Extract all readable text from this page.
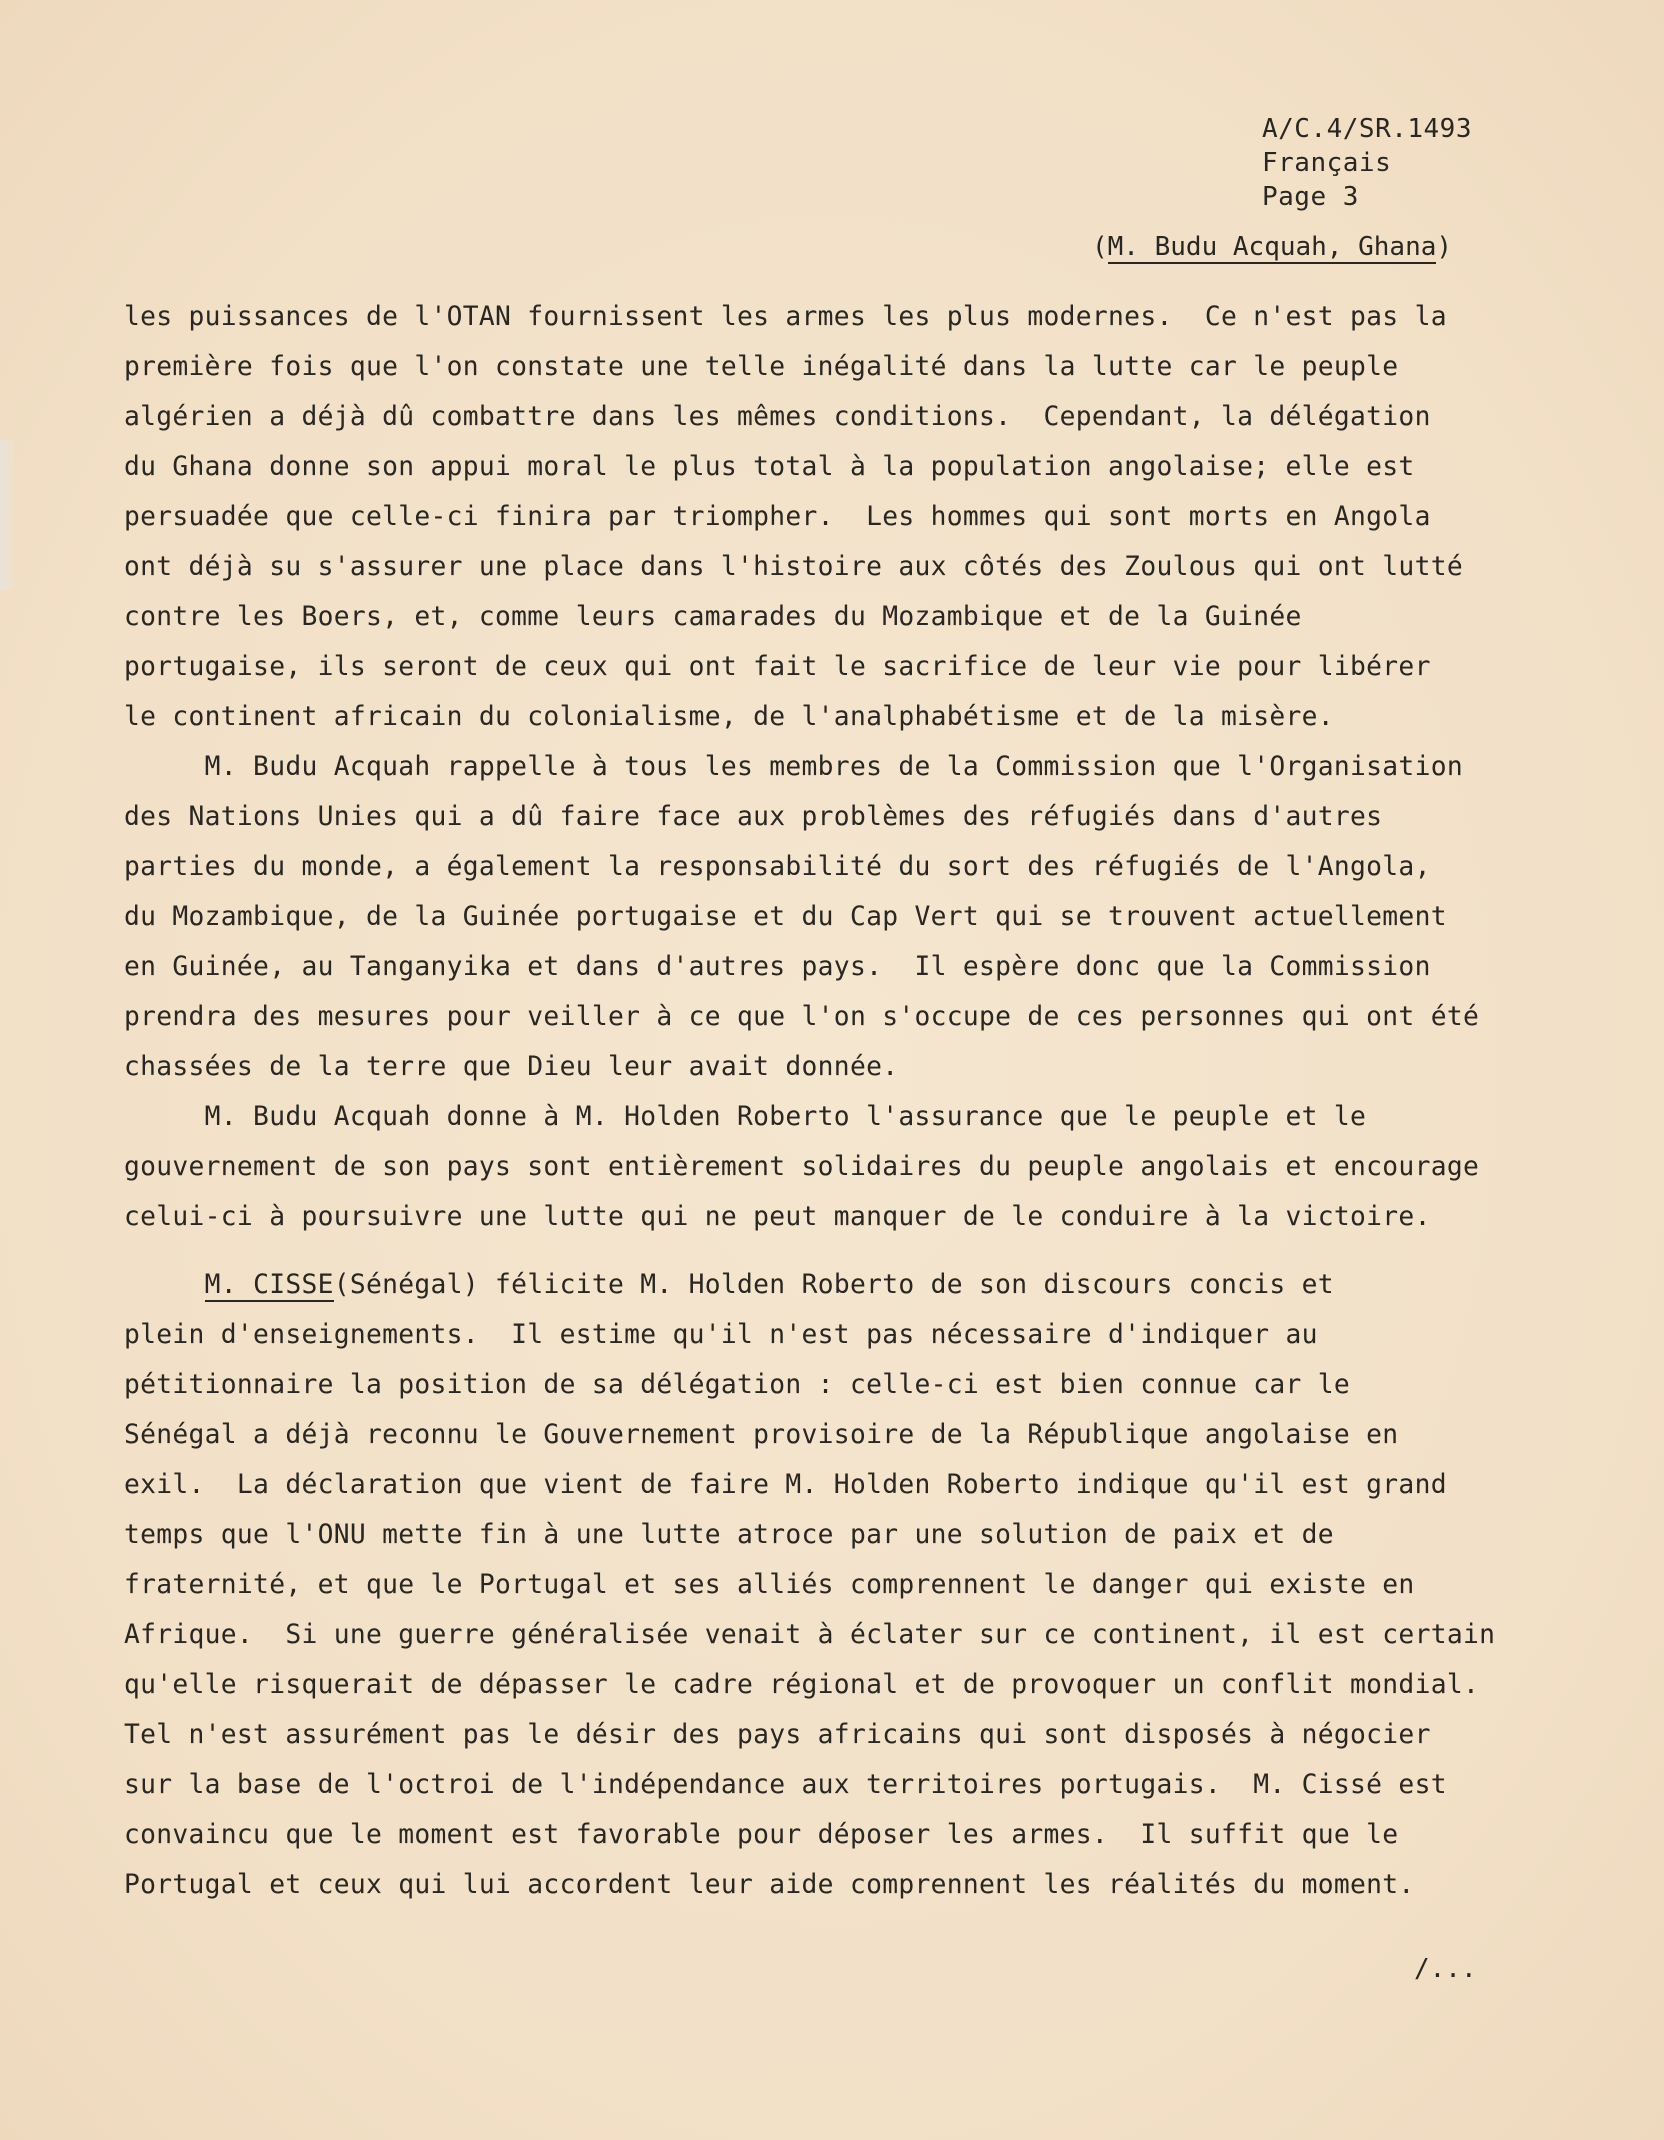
A/C.4/SR.1493
Français
Page 3
(M. Budu Acquah, Ghana)
les puissances de l'OTAN fournissent les armes les plus modernes.  Ce n'est pas la
première fois que l'on constate une telle inégalité dans la lutte car le peuple
algérien a déjà dû combattre dans les mêmes conditions.  Cependant, la délégation
du Ghana donne son appui moral le plus total à la population angolaise; elle est
persuadée que celle-ci finira par triompher.  Les hommes qui sont morts en Angola
ont déjà su s'assurer une place dans l'histoire aux côtés des Zoulous qui ont lutté
contre les Boers, et, comme leurs camarades du Mozambique et de la Guinée
portugaise, ils seront de ceux qui ont fait le sacrifice de leur vie pour libérer
le continent africain du colonialisme, de l'analphabétisme et de la misère.
M. Budu Acquah rappelle à tous les membres de la Commission que l'Organisation
des Nations Unies qui a dû faire face aux problèmes des réfugiés dans d'autres
parties du monde, a également la responsabilité du sort des réfugiés de l'Angola,
du Mozambique, de la Guinée portugaise et du Cap Vert qui se trouvent actuellement
en Guinée, au Tanganyika et dans d'autres pays.  Il espère donc que la Commission
prendra des mesures pour veiller à ce que l'on s'occupe de ces personnes qui ont été
chassées de la terre que Dieu leur avait donnée.
M. Budu Acquah donne à M. Holden Roberto l'assurance que le peuple et le
gouvernement de son pays sont entièrement solidaires du peuple angolais et encourage
celui-ci à poursuivre une lutte qui ne peut manquer de le conduire à la victoire.
M. CISSE(Sénégal) félicite M. Holden Roberto de son discours concis et
plein d'enseignements.  Il estime qu'il n'est pas nécessaire d'indiquer au
pétitionnaire la position de sa délégation : celle-ci est bien connue car le
Sénégal a déjà reconnu le Gouvernement provisoire de la République angolaise en
exil.  La déclaration que vient de faire M. Holden Roberto indique qu'il est grand
temps que l'ONU mette fin à une lutte atroce par une solution de paix et de
fraternité, et que le Portugal et ses alliés comprennent le danger qui existe en
Afrique.  Si une guerre généralisée venait à éclater sur ce continent, il est certain
qu'elle risquerait de dépasser le cadre régional et de provoquer un conflit mondial.
Tel n'est assurément pas le désir des pays africains qui sont disposés à négocier
sur la base de l'octroi de l'indépendance aux territoires portugais.  M. Cissé est
convaincu que le moment est favorable pour déposer les armes.  Il suffit que le
Portugal et ceux qui lui accordent leur aide comprennent les réalités du moment.
/...
